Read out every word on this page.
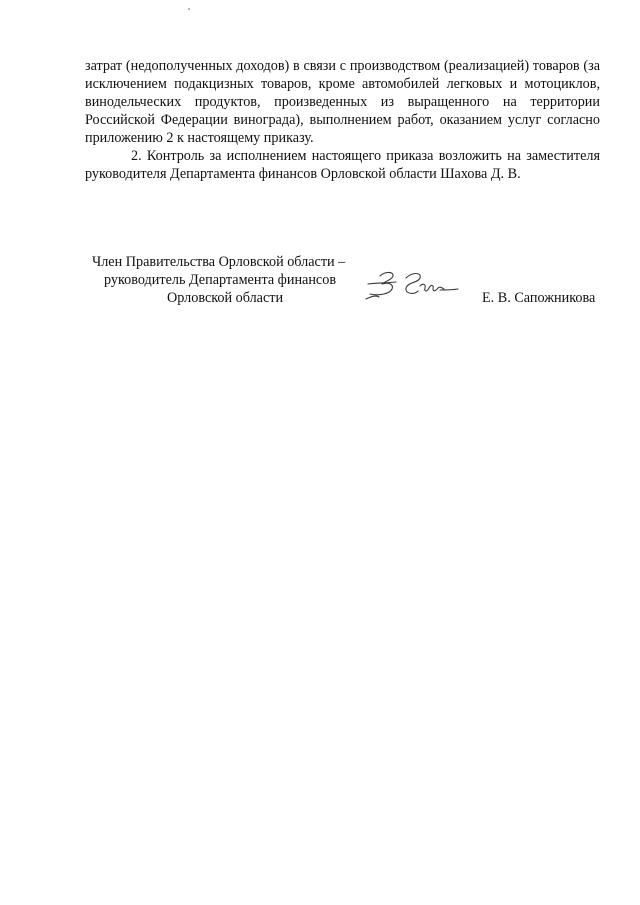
затрат (недополученных доходов) в связи с производством (реализацией) товаров (за исключением подакцизных товаров, кроме автомобилей легковых и мотоциклов, винодельческих продуктов, произведенных из выращенного на территории Российской Федерации винограда), выполнением работ, оказанием услуг согласно приложению 2 к настоящему приказу.

2. Контроль за исполнением настоящего приказа возложить на заместителя руководителя Департамента финансов Орловской области Шахова Д. В.

Член Правительства Орловской области –
руководитель Департамента финансов
Орловской области	Е. В. Сапожникова
